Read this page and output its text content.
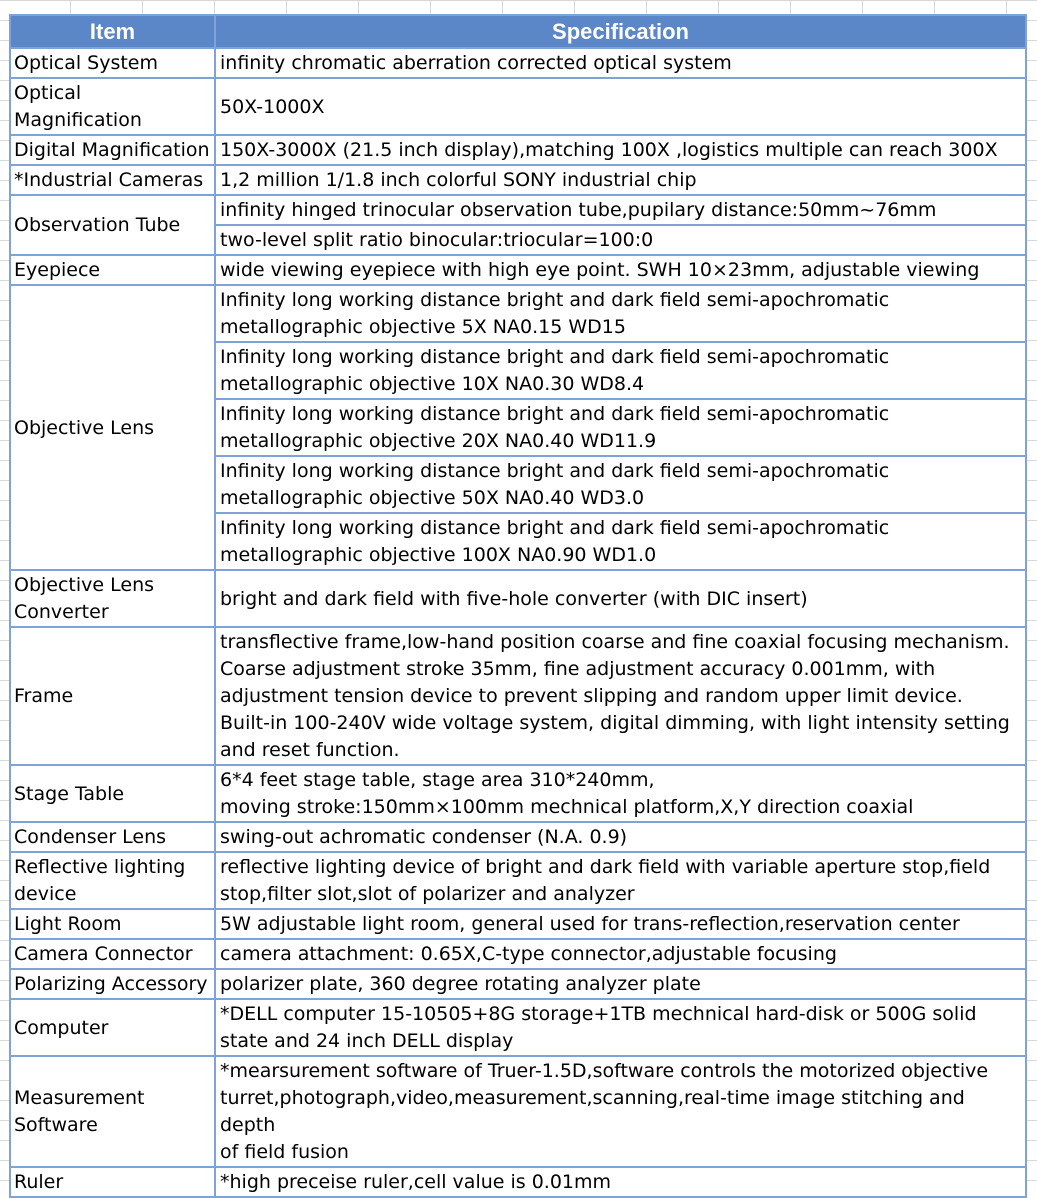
Item	Specification
Optical System	infinity chromatic aberration corrected optical system
Optical
Magnification	50X-1000X
Digital Magnification	150X-3000X (21.5 inch display),matching 100X ,logistics multiple can reach 300X
*Industrial Cameras	1,2 million 1/1.8 inch colorful SONY industrial chip
Observation Tube	infinity hinged trinocular observation tube,pupilary distance:50mm~76mm
	two-level split ratio binocular:triocular=100:0
Eyepiece	wide viewing eyepiece with high eye point. SWH 10×23mm, adjustable viewing
Objective Lens	Infinity long working distance bright and dark field semi-apochromatic
metallographic objective 5X NA0.15 WD15
	Infinity long working distance bright and dark field semi-apochromatic
metallographic objective 10X NA0.30 WD8.4
	Infinity long working distance bright and dark field semi-apochromatic
metallographic objective 20X NA0.40 WD11.9
	Infinity long working distance bright and dark field semi-apochromatic
metallographic objective 50X NA0.40 WD3.0
	Infinity long working distance bright and dark field semi-apochromatic
metallographic objective 100X NA0.90 WD1.0
Objective Lens
Converter	bright and dark field with five-hole converter (with DIC insert)
Frame	transflective frame,low-hand position coarse and fine coaxial focusing mechanism.
Coarse adjustment stroke 35mm, fine adjustment accuracy 0.001mm, with
adjustment tension device to prevent slipping and random upper limit device.
Built-in 100-240V wide voltage system, digital dimming, with light intensity setting
and reset function.
Stage Table	6*4 feet stage table, stage area 310*240mm,
moving stroke:150mm×100mm mechnical platform,X,Y direction coaxial
Condenser Lens	swing-out achromatic condenser (N.A. 0.9)
Reflective lighting
device	reflective lighting device of bright and dark field with variable aperture stop,field
stop,filter slot,slot of polarizer and analyzer
Light Room	5W adjustable light room, general used for trans-reflection,reservation center
Camera Connector	camera attachment: 0.65X,C-type connector,adjustable focusing
Polarizing Accessory	polarizer plate, 360 degree rotating analyzer plate
Computer	*DELL computer 15-10505+8G storage+1TB mechnical hard-disk or 500G solid
state and 24 inch DELL display
Measurement
Software	*mearsurement software of Truer-1.5D,software controls the motorized objective
turret,photograph,video,measurement,scanning,real-time image stitching and depth
of field fusion
Ruler	*high preceise ruler,cell value is 0.01mm
